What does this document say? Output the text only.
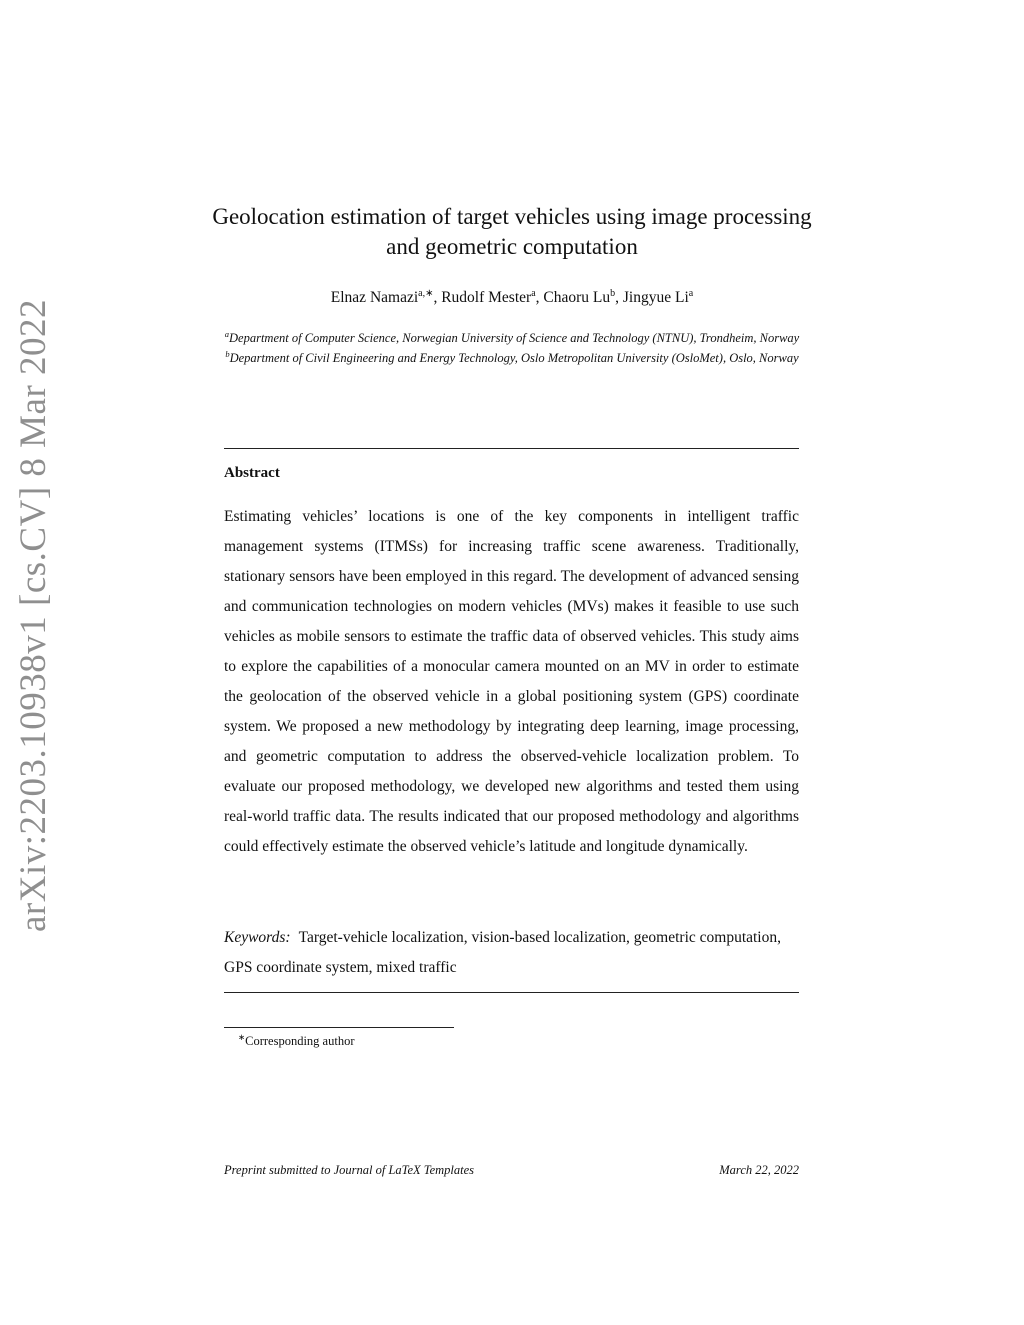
arXiv:2203.10938v1 [cs.CV] 8 Mar 2022
Geolocation estimation of target vehicles using image processing and geometric computation
Elnaz Namazi$^{a,∗}$, Rudolf Mester$^a$, Chaoru Lu$^b$, Jingyue Li$^a$
$^a$Department of Computer Science, Norwegian University of Science and Technology (NTNU), Trondheim, Norway
$^b$Department of Civil Engineering and Energy Technology, Oslo Metropolitan University (OsloMet), Oslo, Norway
Abstract
Estimating vehicles’ locations is one of the key components in intelligent traffic management systems (ITMSs) for increasing traffic scene awareness. Traditionally, stationary sensors have been employed in this regard. The development of advanced sensing and communication technologies on modern vehicles (MVs) makes it feasible to use such vehicles as mobile sensors to estimate the traffic data of observed vehicles. This study aims to explore the capabilities of a monocular camera mounted on an MV in order to estimate the geolocation of the observed vehicle in a global positioning system (GPS) coordinate system. We proposed a new methodology by integrating deep learning, image processing, and geometric computation to address the observed-vehicle localization problem. To evaluate our proposed methodology, we developed new algorithms and tested them using real-world traffic data. The results indicated that our proposed methodology and algorithms could effectively estimate the observed vehicle’s latitude and longitude dynamically.
Keywords: Target-vehicle localization, vision-based localization, geometric computation, GPS coordinate system, mixed traffic
∗Corresponding author
Preprint submitted to Journal of LaTeX Templates	March 22, 2022
